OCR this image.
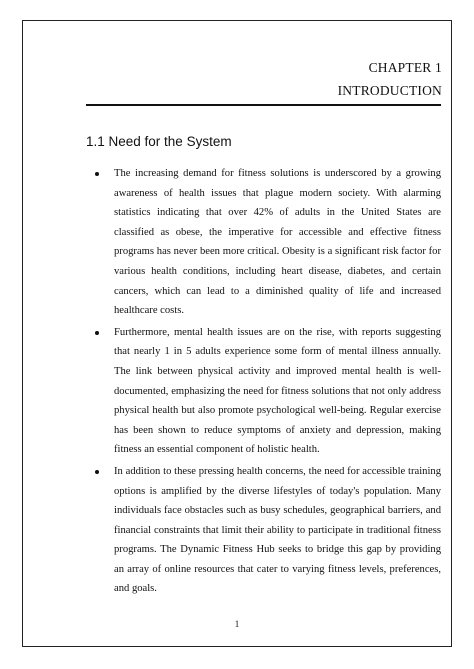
CHAPTER 1
INTRODUCTION
1.1 Need for the System
The increasing demand for fitness solutions is underscored by a growing awareness of health issues that plague modern society. With alarming statistics indicating that over 42% of adults in the United States are classified as obese, the imperative for accessible and effective fitness programs has never been more critical. Obesity is a significant risk factor for various health conditions, including heart disease, diabetes, and certain cancers, which can lead to a diminished quality of life and increased healthcare costs.
Furthermore, mental health issues are on the rise, with reports suggesting that nearly 1 in 5 adults experience some form of mental illness annually. The link between physical activity and improved mental health is well-documented, emphasizing the need for fitness solutions that not only address physical health but also promote psychological well-being. Regular exercise has been shown to reduce symptoms of anxiety and depression, making fitness an essential component of holistic health.
In addition to these pressing health concerns, the need for accessible training options is amplified by the diverse lifestyles of today's population. Many individuals face obstacles such as busy schedules, geographical barriers, and financial constraints that limit their ability to participate in traditional fitness programs. The Dynamic Fitness Hub seeks to bridge this gap by providing an array of online resources that cater to varying fitness levels, preferences, and goals.
1
